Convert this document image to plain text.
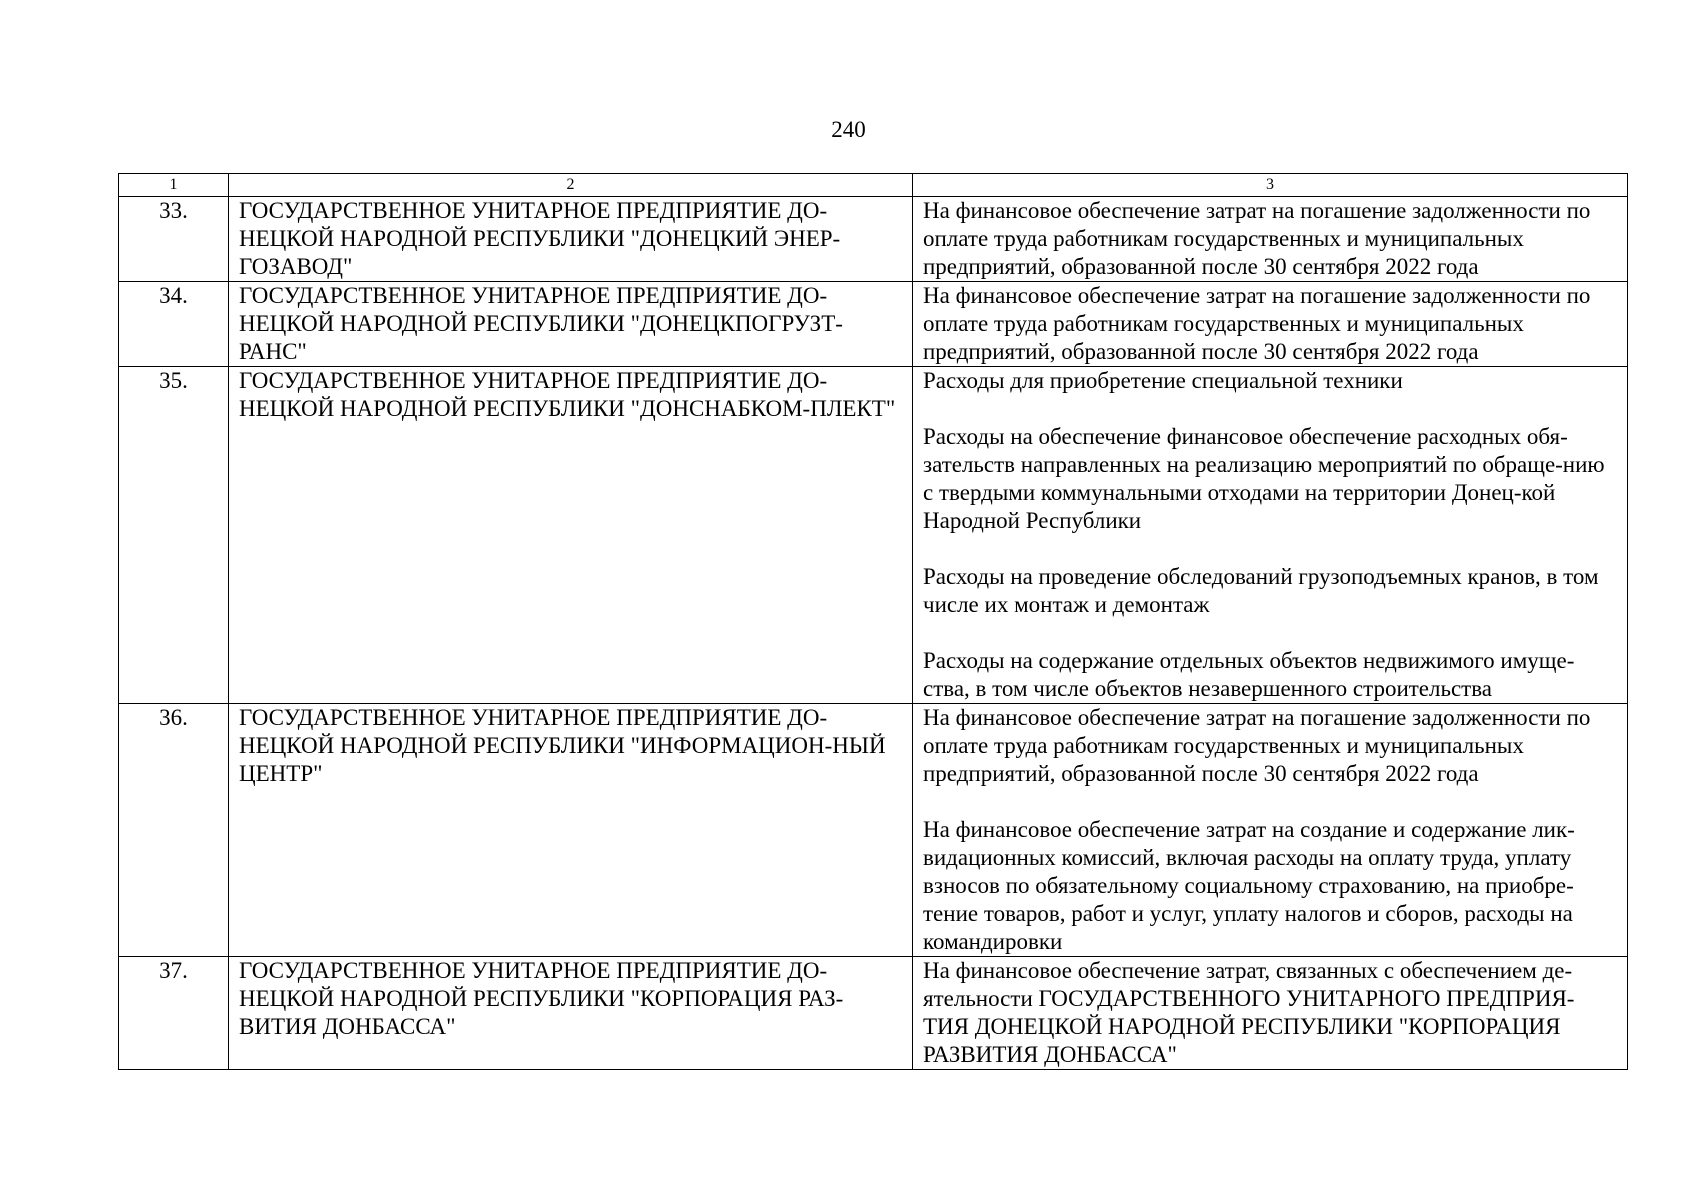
240
1	2	3
33.	ГОСУДАРСТВЕННОЕ УНИТАРНОЕ ПРЕДПРИЯТИЕ ДО-НЕЦКОЙ НАРОДНОЙ РЕСПУБЛИКИ "ДОНЕЦКИЙ ЭНЕР-ГОЗАВОД"	На финансовое обеспечение затрат на погашение задолженности по оплате труда работникам государственных и муниципальных предприятий, образованной после 30 сентября 2022 года

34.	ГОСУДАРСТВЕННОЕ УНИТАРНОЕ ПРЕДПРИЯТИЕ ДО-НЕЦКОЙ НАРОДНОЙ РЕСПУБЛИКИ "ДОНЕЦКПОГРУЗТ-РАНС"	На финансовое обеспечение затрат на погашение задолженности по оплате труда работникам государственных и муниципальных предприятий, образованной после 30 сентября 2022 года

35.	ГОСУДАРСТВЕННОЕ УНИТАРНОЕ ПРЕДПРИЯТИЕ ДО-НЕЦКОЙ НАРОДНОЙ РЕСПУБЛИКИ "ДОНСНАБКОМ-ПЛЕКТ"	Расходы для приобретение специальной техники
Расходы на обеспечение финансовое обеспечение расходных обя-зательств направленных на реализацию мероприятий по обраще-нию с твердыми коммунальными отходами на территории Донец-кой Народной Республики
Расходы на проведение обследований грузоподъемных кранов, в том числе их монтаж и демонтаж
Расходы на содержание отдельных объектов недвижимого имуще-ства, в том числе объектов незавершенного строительства

36.	ГОСУДАРСТВЕННОЕ УНИТАРНОЕ ПРЕДПРИЯТИЕ ДО-НЕЦКОЙ НАРОДНОЙ РЕСПУБЛИКИ "ИНФОРМАЦИОН-НЫЙ ЦЕНТР"	На финансовое обеспечение затрат на погашение задолженности по оплате труда работникам государственных и муниципальных предприятий, образованной после 30 сентября 2022 года
На финансовое обеспечение затрат на создание и содержание лик-видационных комиссий, включая расходы на оплату труда, уплату взносов по обязательному социальному страхованию, на приобре-тение товаров, работ и услуг, уплату налогов и сборов, расходы на командировки

37.	ГОСУДАРСТВЕННОЕ УНИТАРНОЕ ПРЕДПРИЯТИЕ ДО-НЕЦКОЙ НАРОДНОЙ РЕСПУБЛИКИ "КОРПОРАЦИЯ РАЗ-ВИТИЯ ДОНБАССА"	На финансовое обеспечение затрат, связанных с обеспечением де-ятельности ГОСУДАРСТВЕННОГО УНИТАРНОГО ПРЕДПРИЯ-ТИЯ ДОНЕЦКОЙ НАРОДНОЙ РЕСПУБЛИКИ "КОРПОРАЦИЯ РАЗВИТИЯ ДОНБАССА"
